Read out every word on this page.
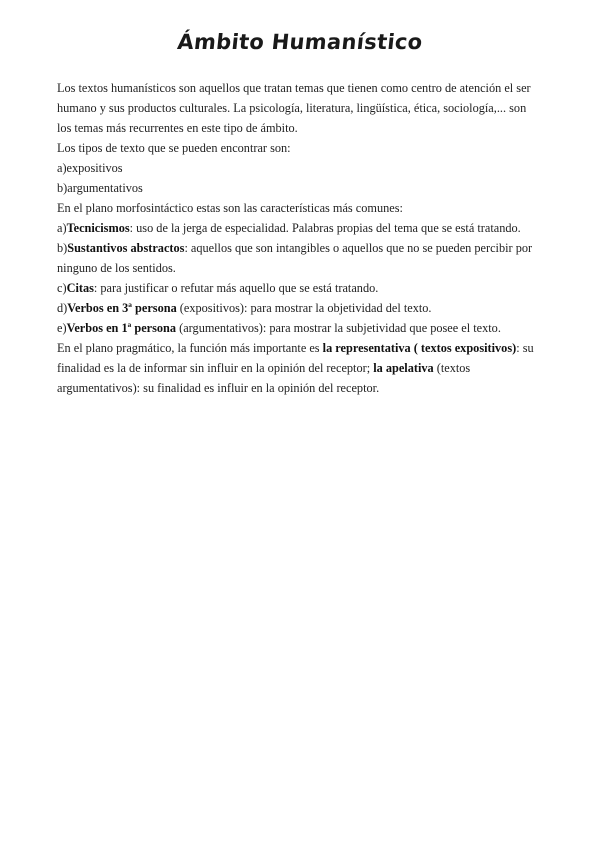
Ámbito Humanístico

Los textos humanísticos son aquellos que tratan temas que tienen como centro de atención el ser humano y sus productos culturales. La psicología, literatura, lingüística, ética, sociología,... son los temas más recurrentes en este tipo de ámbito.

Los tipos de texto que se pueden encontrar son:

a)expositivos

b)argumentativos

En el plano morfosintáctico estas son las características más comunes:

a)Tecnicismos: uso de la jerga de especialidad. Palabras propias del tema que se está tratando.

b)Sustantivos abstractos: aquellos que son intangibles o aquellos que no se pueden percibir por ninguno de los sentidos.

c)Citas: para justificar o refutar más aquello que se está tratando.

d)Verbos en 3ª persona (expositivos): para mostrar la objetividad del texto.

e)Verbos en 1ª persona (argumentativos): para mostrar la subjetividad que posee el texto.

En el plano pragmático, la función más importante es la representativa ( textos expositivos): su finalidad es la de informar sin influir en la opinión del receptor; la apelativa (textos argumentativos): su finalidad es influir en la opinión del receptor.
